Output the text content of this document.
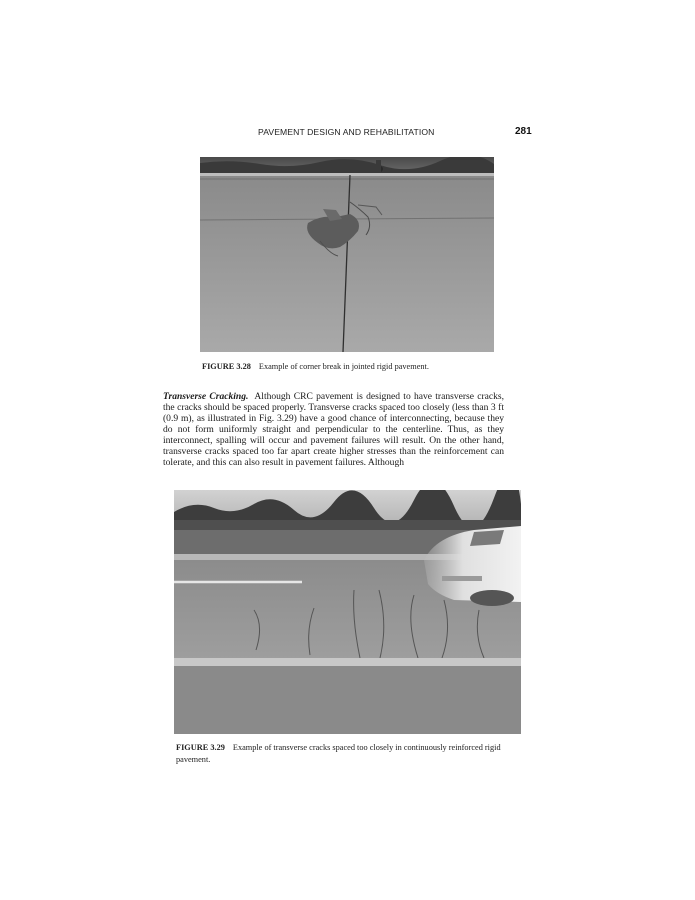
PAVEMENT DESIGN AND REHABILITATION	281
FIGURE 3.28 Example of corner break in jointed rigid pavement.
Transverse Cracking. Although CRC pavement is designed to have transverse cracks, the cracks should be spaced properly. Transverse cracks spaced too closely (less than 3 ft (0.9 m), as illustrated in Fig. 3.29) have a good chance of interconnecting, because they do not form uniformly straight and perpendicular to the centerline. Thus, as they interconnect, spalling will occur and pavement failures will result. On the other hand, transverse cracks spaced too far apart create higher stresses than the reinforcement can tolerate, and this can also result in pavement failures. Although
FIGURE 3.29 Example of transverse cracks spaced too closely in continuously reinforced rigid pavement.
